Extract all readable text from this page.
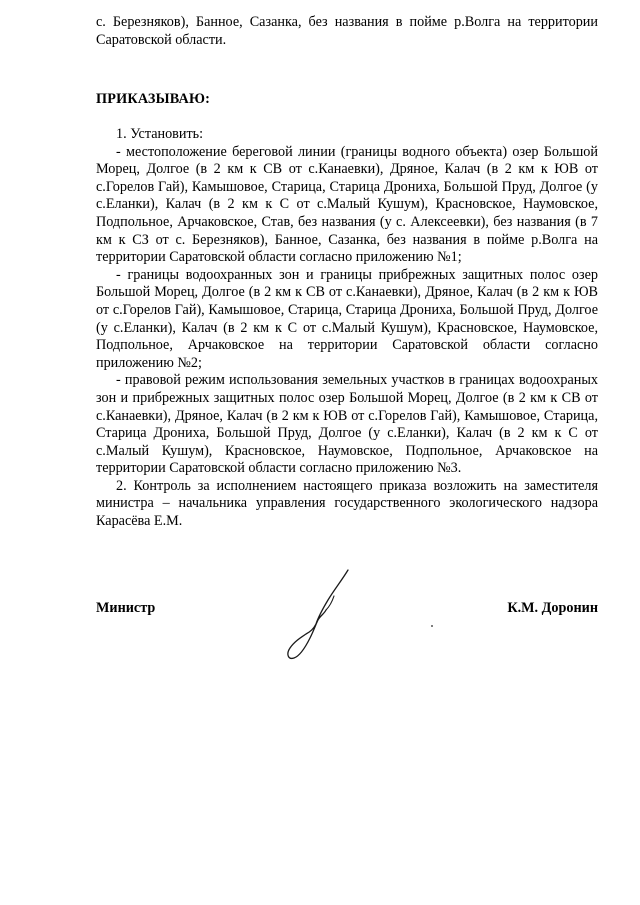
с. Березняков), Банное, Сазанка, без названия в пойме р.Волга на территории Саратовской области.

ПРИКАЗЫВАЮ:

1. Установить:

- местоположение береговой линии (границы водного объекта) озер Большой Морец, Долгое (в 2 км к СВ от с.Канаевки), Дряное, Калач (в 2 км к ЮВ от с.Горелов Гай), Камышовое, Старица, Старица Дрониха, Большой Пруд, Долгое (у с.Еланки), Калач (в 2 км к С от с.Малый Кушум), Красновское, Наумовское, Подпольное, Арчаковское, Став, без названия (у с. Алексеевки), без названия (в 7 км к СЗ от с. Березняков), Банное, Сазанка, без названия в пойме р.Волга на территории Саратовской области согласно приложению №1;

- границы водоохранных зон и границы прибрежных защитных полос озер Большой Морец, Долгое (в 2 км к СВ от с.Канаевки), Дряное, Калач (в 2 км к ЮВ от с.Горелов Гай), Камышовое, Старица, Старица Дрониха, Большой Пруд, Долгое (у с.Еланки), Калач (в 2 км к С от с.Малый Кушум), Красновское, Наумовское, Подпольное, Арчаковское на территории Саратовской области согласно приложению №2;

- правовой режим использования земельных участков в границах водоохраных зон и прибрежных защитных полос озер Большой Морец, Долгое (в 2 км к СВ от с.Канаевки), Дряное, Калач (в 2 км к ЮВ от с.Горелов Гай), Камышовое, Старица, Старица Дрониха, Большой Пруд, Долгое (у с.Еланки), Калач (в 2 км к С от с.Малый Кушум), Красновское, Наумовское, Подпольное, Арчаковское на территории Саратовской области согласно приложению №3.

2. Контроль за исполнением настоящего приказа возложить на заместителя министра – начальника управления государственного экологического надзора Карасёва Е.М.

Министр	К.М. Доронин
